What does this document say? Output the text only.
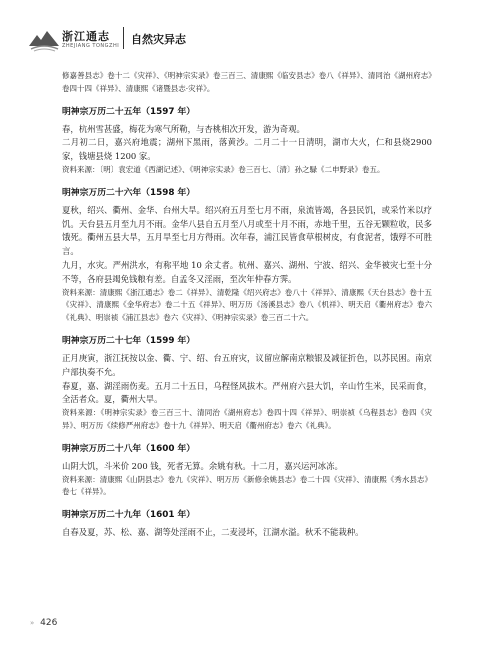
浙江通志
ZHEJIANG TONGZHI 自然灾异志

修嘉善县志》卷十二《灾祥》、《明神宗实录》卷三百三、清康熙《临安县志》卷八《祥异》、清同治《湖州府志》卷四十四《祥异》、清康熙《诸暨县志·灾祥》。

明神宗万历二十五年（1597 年）

春，杭州雪甚盛，梅花为寒气所勒，与杏桃相次开发，游为奇观。

二月初二日，嘉兴府地震；湖州下黑雨，落黄沙。二月二十一日清明，湖市大火，仁和县烧2900 家，钱塘县烧 1200 家。

资料来源：〔明〕袁宏道《西湖记述》、《明神宗实录》卷三百七、〔清〕孙之騄《二申野录》卷五。

明神宗万历二十六年（1598 年）

夏秋，绍兴、衢州、金华、台州大旱。绍兴府五月至七月不雨，泉流皆竭，各县民饥，或采竹米以疗饥。天台县五月至九月不雨。金华八县自五月至八月或至十月不雨，赤地千里，五谷无颗粒收，民多饿死。衢州五县大旱，五月旱至七月方得雨。次年春，浦江民皆食草根树皮，有食泥者，饿殍不可胜言。

九月，水灾。严州洪水，有称平地 10 余丈者。杭州、嘉兴、湖州、宁波、绍兴、金华被灾七至十分不等，各府县竭免钱粮有差。自孟冬又淫雨，至次年仲春方霁。

资料来源：清康熙《浙江通志》卷二《祥异》、清乾隆《绍兴府志》卷八十《祥异》、清康熙《天台县志》卷十五《灾祥》、清康熙《金华府志》卷二十五《祥异》、明万历《汤溪县志》卷八《机祥》、明天启《衢州府志》卷六《礼典》、明崇祯《浦江县志》卷六《灾祥》、《明神宗实录》卷三百二十六。

明神宗万历二十七年（1599 年）

正月庚寅，浙江抚按以金、衢、宁、绍、台五府灾，议留应解南京粮银及减征折色，以苏民困。南京户部执奏不允。

春夏，嘉、湖淫雨伤麦。五月二十五日，乌程怪风拔木。严州府六县大饥，辛山竹生米，民采而食，全活者众。夏，衢州大旱。

资料来源：《明神宗实录》卷三百三十、清同治《湖州府志》卷四十四《祥异》、明崇祯《乌程县志》卷四《灾异》、明万历《续修严州府志》卷十九《祥异》、明天启《衢州府志》卷六《礼典》。

明神宗万历二十八年（1600 年）

山阴大饥，斗米价 200 钱，死者无算。余姚有秋。十二月，嘉兴运河冰冻。

资料来源：清康熙《山阴县志》卷九《灾祥》、明万历《新修余姚县志》卷二十四《灾祥》、清康熙《秀水县志》卷七《祥异》。

明神宗万历二十九年（1601 年）

自春及夏，苏、松、嘉、湖等处淫雨不止，二麦浸坏，江湖水溢。秋禾不能栽种。

» 426
